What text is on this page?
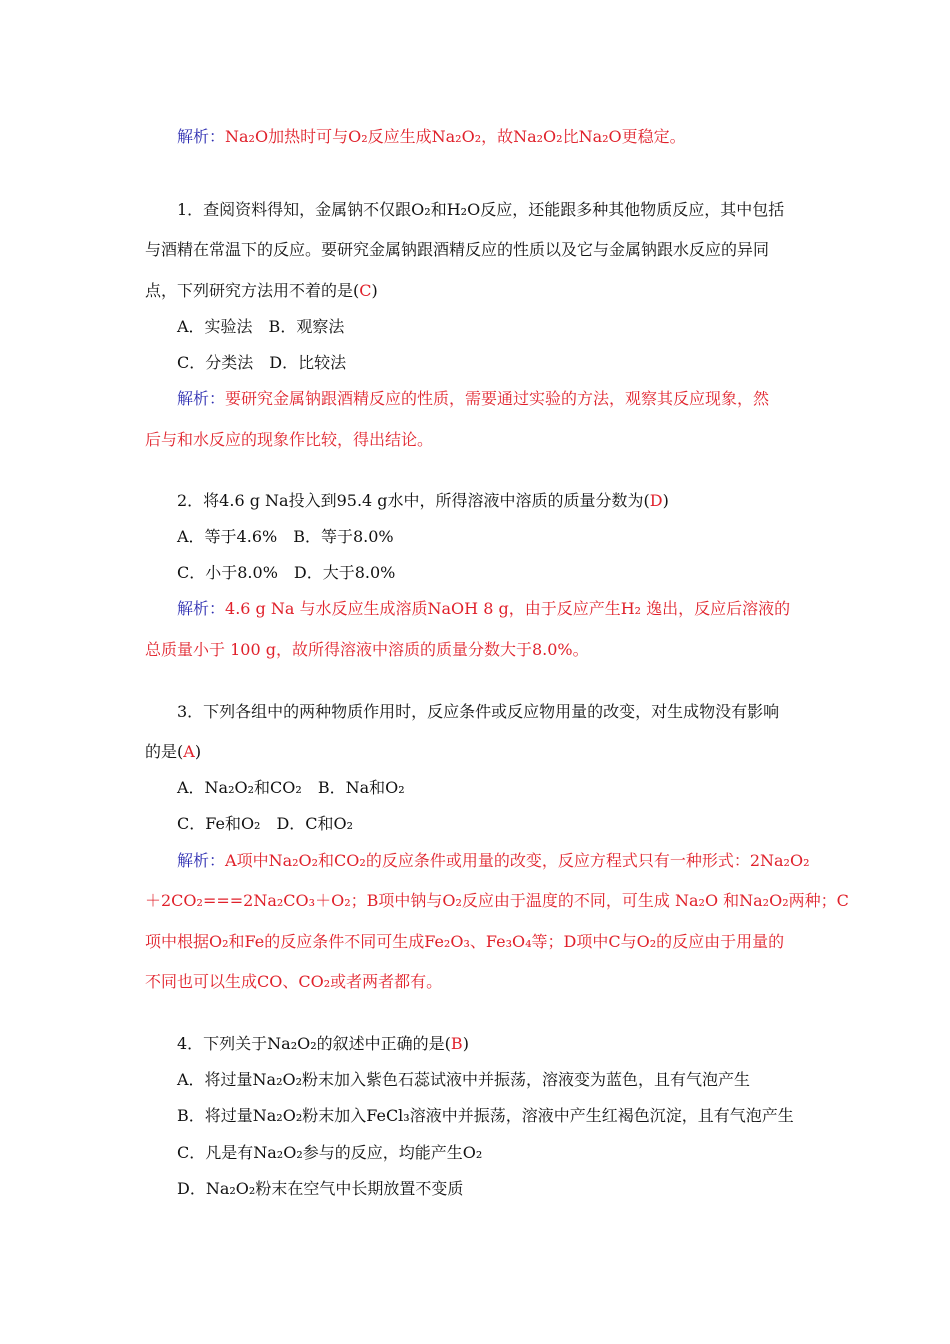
解析：Na₂O加热时可与O₂反应生成Na₂O₂，故Na₂O₂比Na₂O更稳定。
1．查阅资料得知，金属钠不仅跟O₂和H₂O反应，还能跟多种其他物质反应，其中包括
与酒精在常温下的反应。要研究金属钠跟酒精反应的性质以及它与金属钠跟水反应的异同
点，下列研究方法用不着的是(C)
A．实验法　B．观察法
C．分类法　D．比较法
解析：要研究金属钠跟酒精反应的性质，需要通过实验的方法，观察其反应现象，然
后与和水反应的现象作比较，得出结论。
2．将4.6 g Na投入到95.4 g水中，所得溶液中溶质的质量分数为(D)
A．等于4.6%　B．等于8.0%
C．小于8.0%　D．大于8.0%
解析：4.6 g Na 与水反应生成溶质NaOH 8 g，由于反应产生H₂ 逸出，反应后溶液的
总质量小于 100 g，故所得溶液中溶质的质量分数大于8.0%。
3．下列各组中的两种物质作用时，反应条件或反应物用量的改变，对生成物没有影响
的是(A)
A．Na₂O₂和CO₂　B．Na和O₂
C．Fe和O₂　D．C和O₂
解析：A项中Na₂O₂和CO₂的反应条件或用量的改变，反应方程式只有一种形式：2Na₂O₂
＋2CO₂===2Na₂CO₃＋O₂；B项中钠与O₂反应由于温度的不同，可生成 Na₂O 和Na₂O₂两种；C
项中根据O₂和Fe的反应条件不同可生成Fe₂O₃、Fe₃O₄等；D项中C与O₂的反应由于用量的
不同也可以生成CO、CO₂或者两者都有。
4．下列关于Na₂O₂的叙述中正确的是(B)
A．将过量Na₂O₂粉末加入紫色石蕊试液中并振荡，溶液变为蓝色，且有气泡产生
B．将过量Na₂O₂粉末加入FeCl₃溶液中并振荡，溶液中产生红褐色沉淀，且有气泡产生
C．凡是有Na₂O₂参与的反应，均能产生O₂
D．Na₂O₂粉末在空气中长期放置不变质
